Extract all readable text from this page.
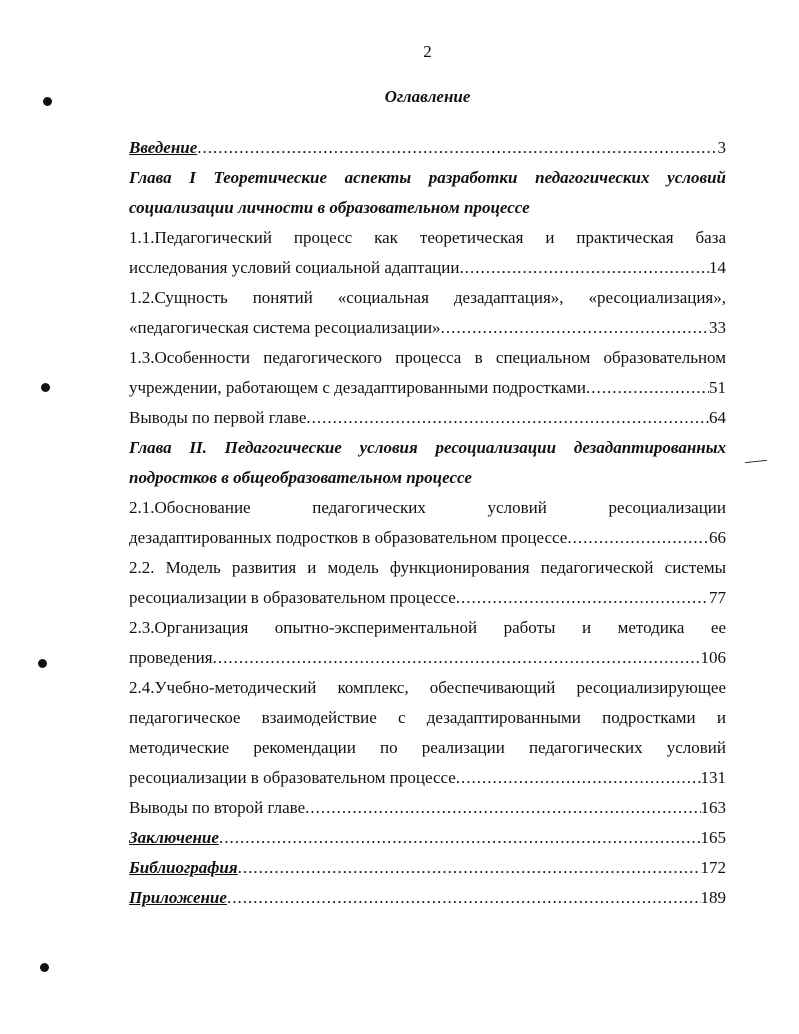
2
Оглавление
Введение .....	3
Глава I Теоретические аспекты разработки педагогических условий
социализации личности в образовательном процессе
1.1.Педагогический процесс как теоретическая и практическая база
исследования условий социальной адаптации .....	14
1.2.Сущность понятий «социальная дезадаптация», «ресоциализация»,
«педагогическая система ресоциализации» .....	33
1.3.Особенности педагогического процесса в специальном образовательном
учреждении, работающем с дезадаптированными подростками .....	51
Выводы по первой главе .....	64
Глава II. Педагогические условия ресоциализации дезадаптированных
подростков в общеобразовательном процессе
2.1.Обоснование педагогических условий ресоциализации
дезадаптированных подростков в образовательном процессе .....	66
2.2. Модель развития и модель функционирования педагогической системы
ресоциализации в образовательном процессе .....	77
2.3.Организация опытно-экспериментальной работы и методика ее
проведения .....	106
2.4.Учебно-методический комплекс, обеспечивающий ресоциализирующее
педагогическое взаимодействие с дезадаптированными подростками и
методические рекомендации по реализации педагогических условий
ресоциализации в образовательном процессе .....	131
Выводы по второй главе .....	163
Заключение .....	165
Библиография .....	172
Приложение .....	189
